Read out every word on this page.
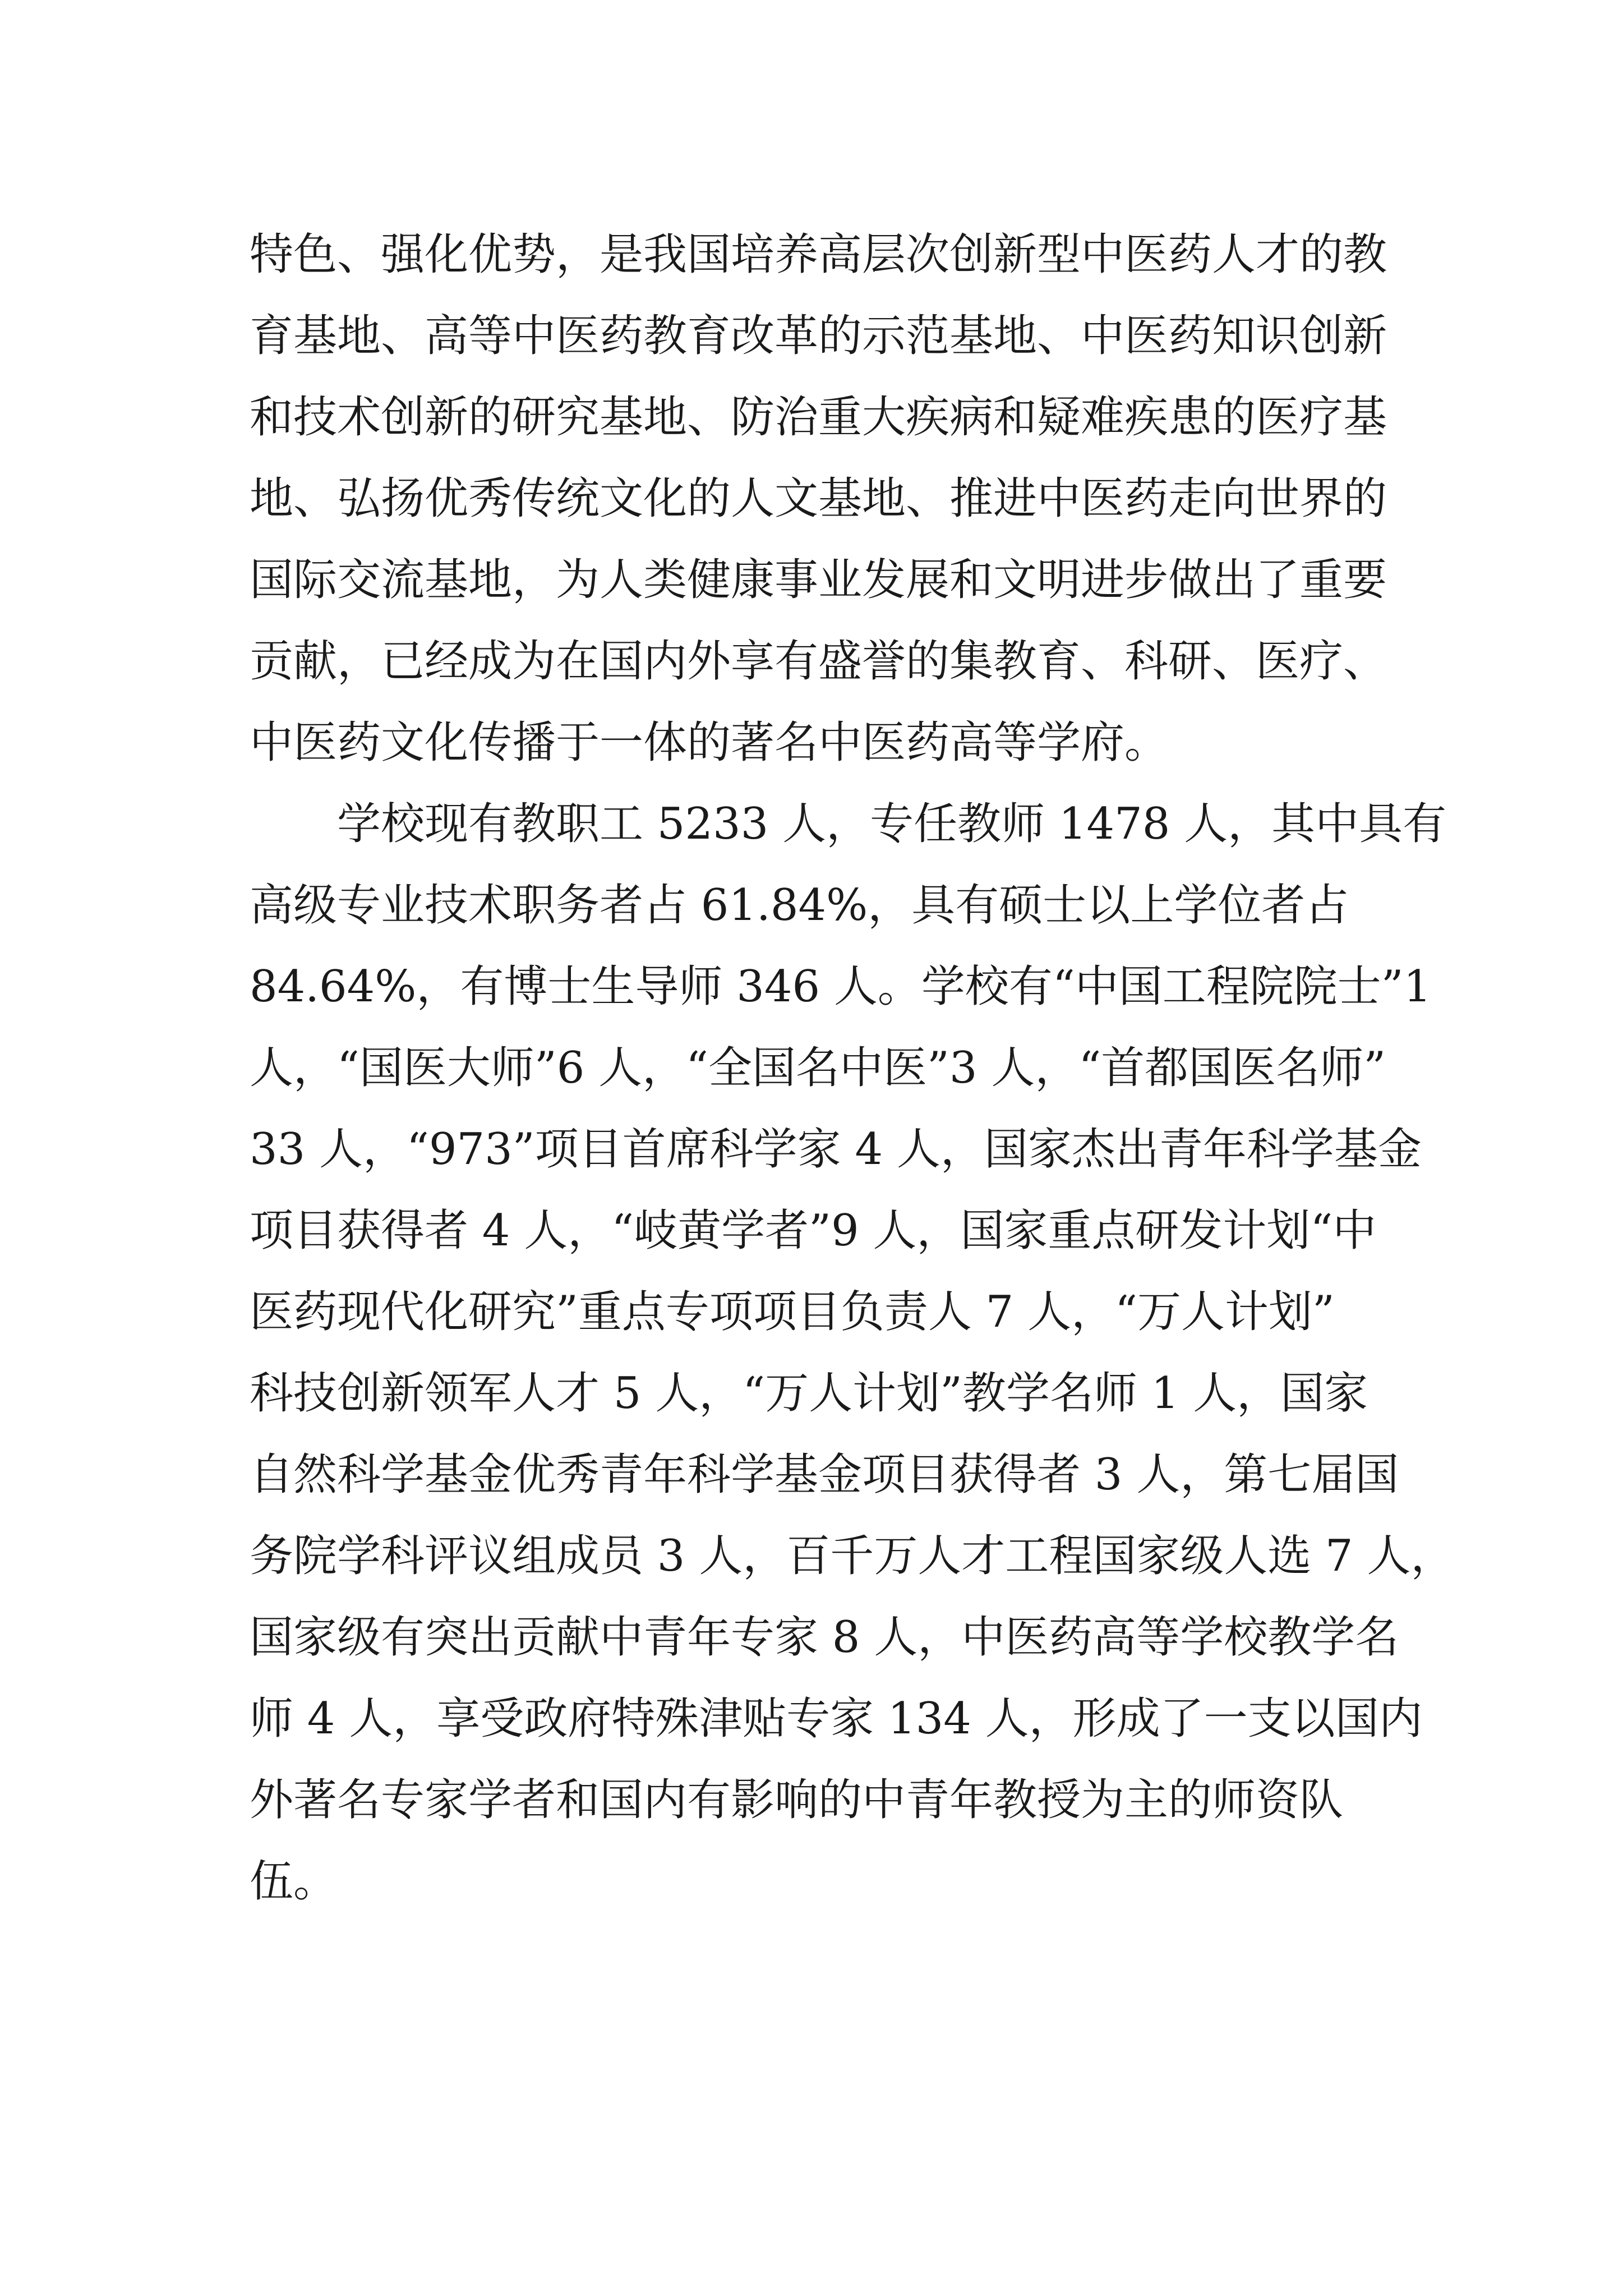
特色、强化优势，是我国培养高层次创新型中医药人才的教
育基地、高等中医药教育改革的示范基地、中医药知识创新
和技术创新的研究基地、防治重大疾病和疑难疾患的医疗基
地、弘扬优秀传统文化的人文基地、推进中医药走向世界的
国际交流基地，为人类健康事业发展和文明进步做出了重要
贡献，已经成为在国内外享有盛誉的集教育、科研、医疗、
中医药文化传播于一体的著名中医药高等学府。
　　学校现有教职工 5233 人，专任教师 1478 人，其中具有
高级专业技术职务者占 61.84%，具有硕士以上学位者占
84.64%，有博士生导师 346 人。学校有“中国工程院院士”1
人，“国医大师”6 人，“全国名中医”3 人，“首都国医名师”
33 人，“973”项目首席科学家 4 人，国家杰出青年科学基金
项目获得者 4 人，“岐黄学者”9 人，国家重点研发计划“中
医药现代化研究”重点专项项目负责人 7 人，“万人计划”
科技创新领军人才 5 人，“万人计划”教学名师 1 人，国家
自然科学基金优秀青年科学基金项目获得者 3 人，第七届国
务院学科评议组成员 3 人，百千万人才工程国家级人选 7 人，
国家级有突出贡献中青年专家 8 人，中医药高等学校教学名
师 4 人，享受政府特殊津贴专家 134 人，形成了一支以国内
外著名专家学者和国内有影响的中青年教授为主的师资队
伍。
